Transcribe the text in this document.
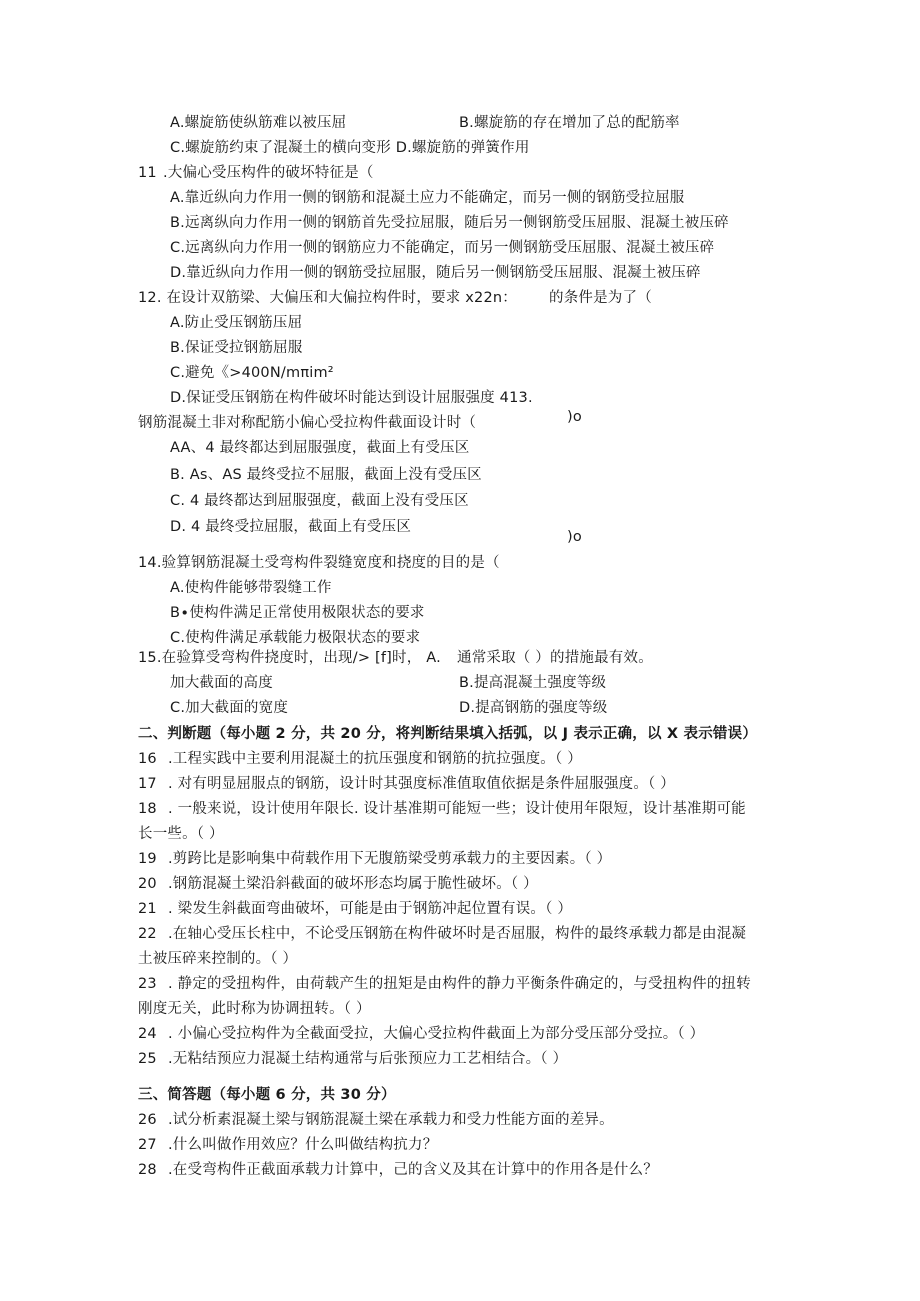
A.螺旋筋使纵筋难以被压屈	B.螺旋筋的存在增加了总的配筋率
C.螺旋筋约束了混凝土的横向变形 D.螺旋筋的弹簧作用
11 .大偏心受压构件的破坏特征是（
A.靠近纵向力作用一侧的钢筋和混凝土应力不能确定，而另一侧的钢筋受拉屈服
B.远离纵向力作用一侧的钢筋首先受拉屈服，随后另一侧钢筋受压屈服、混凝土被压碎
C.远离纵向力作用一侧的钢筋应力不能确定，而另一侧钢筋受压屈服、混凝土被压碎
D.靠近纵向力作用一侧的钢筋受拉屈服，随后另一侧钢筋受压屈服、混凝土被压碎
12. 在设计双筋梁、大偏压和大偏拉构件时，要求 x22n： 的条件是为了（
A.防止受压钢筋压屈
B.保证受拉钢筋屈服
C.避免《>400N∕mπim²
D.保证受压钢筋在构件破坏时能达到设计屈服强度 413.
钢筋混凝土非对称配筋小偏心受拉构件截面设计时（	)o
AA、4 最终都达到屈服强度，截面上有受压区
B. As、AS 最终受拉不屈服，截面上没有受压区
C. 4 最终都达到屈服强度，截面上没有受压区
D. 4 最终受拉屈服，截面上有受压区
)o
14.验算钢筋混凝土受弯构件裂缝宽度和挠度的目的是（
A.使构件能够带裂缝工作
B∙使构件满足正常使用极限状态的要求
C.使构件满足承载能力极限状态的要求
15.在验算受弯构件挠度时，出现/> [f]时， A. 通常采取（ ）的措施最有效。
加大截面的高度	B.提高混凝土强度等级
C.加大截面的宽度	D.提高钢筋的强度等级
二、判断题（每小题 2 分，共 20 分，将判断结果填入括弧，以 J 表示正确，以 X 表示错误）
16 .工程实践中主要利用混凝土的抗压强度和钢筋的抗拉强度。（ ）
17 . 对有明显屈服点的钢筋，设计时其强度标准值取值依据是条件屈服强度。（ ）
18 . 一般来说，设计使用年限长. 设计基准期可能短一些；设计使用年限短，设计基准期可能
长一些。（ ）
19 .剪跨比是影响集中荷载作用下无腹筋梁受剪承载力的主要因素。（ ）
20 .钢筋混凝土梁沿斜截面的破坏形态均属于脆性破坏。（ ）
21 . 梁发生斜截面弯曲破坏，可能是由于钢筋冲起位置有误。（ ）
22 .在轴心受压长柱中，不论受压钢筋在构件破坏时是否屈服，构件的最终承载力都是由混凝
土被压碎来控制的。（ ）
23 . 静定的受扭构件，由荷载产生的扭矩是由构件的静力平衡条件确定的，与受扭构件的扭转
刚度无关，此时称为协调扭转。（ ）
24 . 小偏心受拉构件为全截面受拉，大偏心受拉构件截面上为部分受压部分受拉。（ ）
25 .无粘结预应力混凝土结构通常与后张预应力工艺相结合。（ ）
三、简答题（每小题 6 分，共 30 分）
26 .试分析素混凝土梁与钢筋混凝土梁在承载力和受力性能方面的差异。
27 .什么叫做作用效应？什么叫做结构抗力？
28 .在受弯构件正截面承载力计算中，己的含义及其在计算中的作用各是什么？
